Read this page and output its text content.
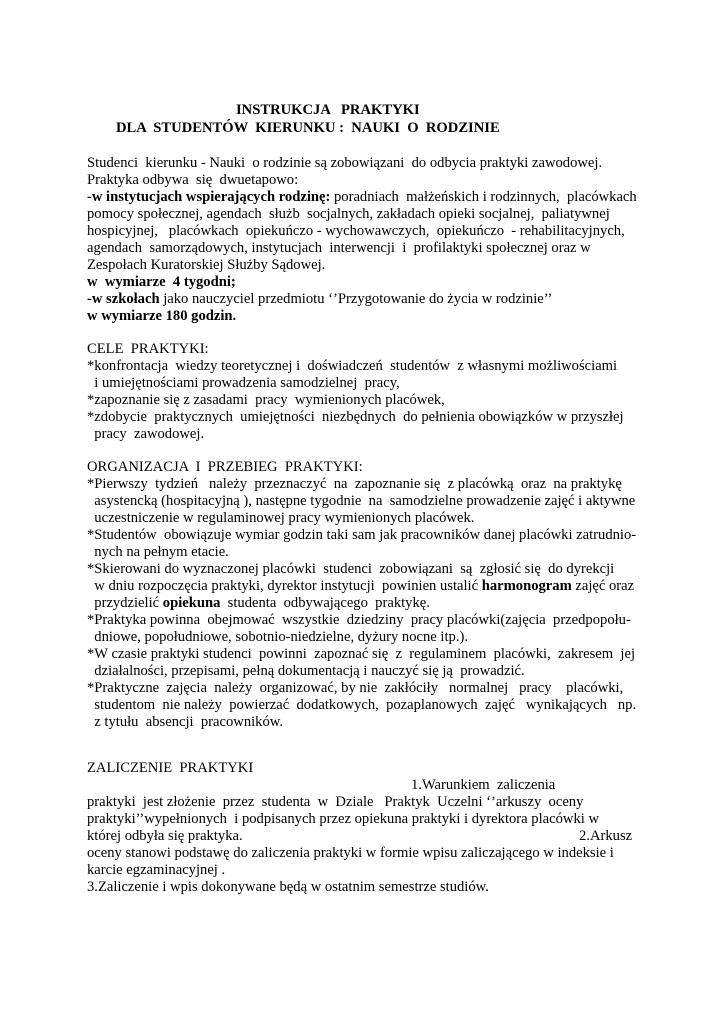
INSTRUKCJA   PRAKTYKI
DLA  STUDENTÓW  KIERUNKU :  NAUKI  O  RODZINIE
Studenci  kierunku - Nauki  o rodzinie są zobowiązani  do odbycia praktyki zawodowej.
Praktyka odbywa  się  dwuetapowo:
-w instytucjach wspierających rodzinę: poradniach  małżeńskich i rodzinnych,  placówkach
pomocy społecznej, agendach  służb  socjalnych, zakładach opieki socjalnej,  paliatywnej
hospicyjnej,   placówkach  opiekuńczo - wychowawczych,  opiekuńczo  - rehabilitacyjnych,
agendach  samorządowych, instytucjach  interwencji  i  profilaktyki społecznej oraz w
Zespołach Kuratorskiej Służby Sądowej.
w  wymiarze  4 tygodni;
-w szkołach jako nauczyciel przedmiotu ‘’Przygotowanie do życia w rodzinie’’
w wymiarze 180 godzin.
CELE  PRAKTYKI:
*konfrontacja  wiedzy teoretycznej i  doświadczeń  studentów  z własnymi możliwościami
i umiejętnościami prowadzenia samodzielnej  pracy,
*zapoznanie się z zasadami  pracy  wymienionych placówek,
*zdobycie  praktycznych  umiejętności  niezbędnych  do pełnienia obowiązków w przyszłej
pracy  zawodowej.
ORGANIZACJA  I  PRZEBIEG  PRAKTYKI:
*Pierwszy  tydzień   należy  przeznaczyć  na  zapoznanie się  z placówką  oraz  na praktykę
asystencką (hospitacyjną ), następne tygodnie  na  samodzielne prowadzenie zajęć i aktywne
uczestniczenie w regulaminowej pracy wymienionych placówek.
*Studentów  obowiązuje wymiar godzin taki sam jak pracowników danej placówki zatrudnio-
nych na pełnym etacie.
*Skierowani do wyznaczonej placówki  studenci  zobowiązani  są  zgłosić się  do dyrekcji
w dniu rozpoczęcia praktyki, dyrektor instytucji  powinien ustalić harmonogram zajęć oraz
przydzielić opiekuna  studenta  odbywającego  praktykę.
*Praktyka powinna  obejmować  wszystkie  dziedziny  pracy placówki(zajęcia  przedpopołu-
dniowe, popołudniowe, sobotnio-niedzielne, dyżury nocne itp.).
*W czasie praktyki studenci  powinni  zapoznać się  z  regulaminem  placówki,  zakresem  jej
działalności, przepisami, pełną dokumentacją i nauczyć się ją  prowadzić.
*Praktyczne  zajęcia  należy  organizować, by nie  zakłóciły   normalnej   pracy    placówki,
studentom  nie należy  powierzać  dodatkowych,  pozaplanowych  zajęć   wynikających   np.
z tytułu  absencji  pracowników.
ZALICZENIE  PRAKTYKI
1.Warunkiem  zaliczenia
praktyki  jest złożenie  przez  studenta  w  Dziale   Praktyk  Uczelni ‘’arkuszy  oceny
praktyki’’wypełnionych  i podpisanych przez opiekuna praktyki i dyrektora placówki w
której odbyła się praktyka.	2.Arkusz
oceny stanowi podstawę do zaliczenia praktyki w formie wpisu zaliczającego w indeksie i
karcie egzaminacyjnej .
3.Zaliczenie i wpis dokonywane będą w ostatnim semestrze studiów.
